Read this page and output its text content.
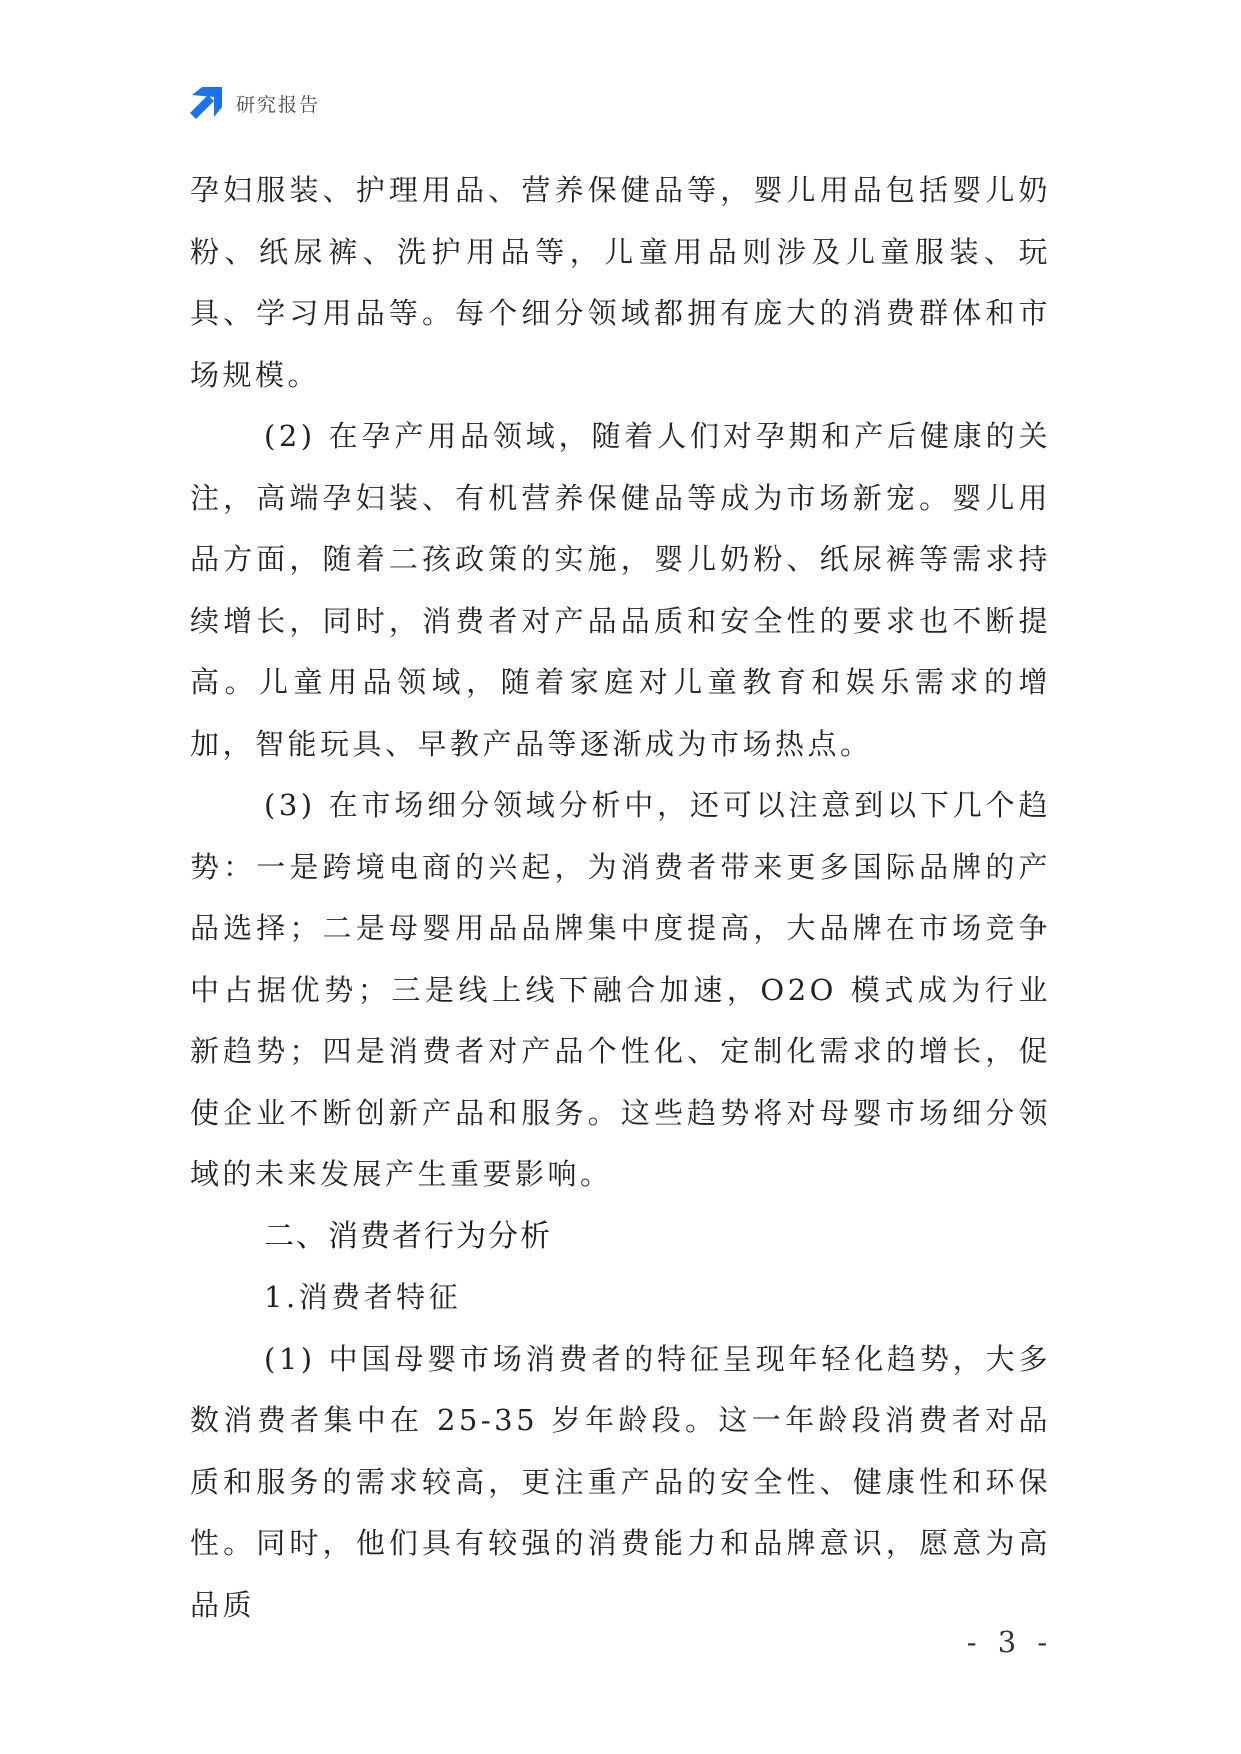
研究报告

孕妇服装、护理用品、营养保健品等，婴儿用品包括婴儿奶粉、纸尿裤、洗护用品等，儿童用品则涉及儿童服装、玩具、学习用品等。每个细分领域都拥有庞大的消费群体和市场规模。

(2) 在孕产用品领域，随着人们对孕期和产后健康的关注，高端孕妇装、有机营养保健品等成为市场新宠。婴儿用品方面，随着二孩政策的实施，婴儿奶粉、纸尿裤等需求持续增长，同时，消费者对产品品质和安全性的要求也不断提高。儿童用品领域，随着家庭对儿童教育和娱乐需求的增加，智能玩具、早教产品等逐渐成为市场热点。

(3) 在市场细分领域分析中，还可以注意到以下几个趋势：一是跨境电商的兴起，为消费者带来更多国际品牌的产品选择；二是母婴用品品牌集中度提高，大品牌在市场竞争中占据优势；三是线上线下融合加速，O2O 模式成为行业新趋势；四是消费者对产品个性化、定制化需求的增长，促使企业不断创新产品和服务。这些趋势将对母婴市场细分领域的未来发展产生重要影响。

二、消费者行为分析

1.消费者特征

(1) 中国母婴市场消费者的特征呈现年轻化趋势，大多数消费者集中在 25-35 岁年龄段。这一年龄段消费者对品质和服务的需求较高，更注重产品的安全性、健康性和环保性。同时，他们具有较强的消费能力和品牌意识，愿意为高品质

- 3 -
